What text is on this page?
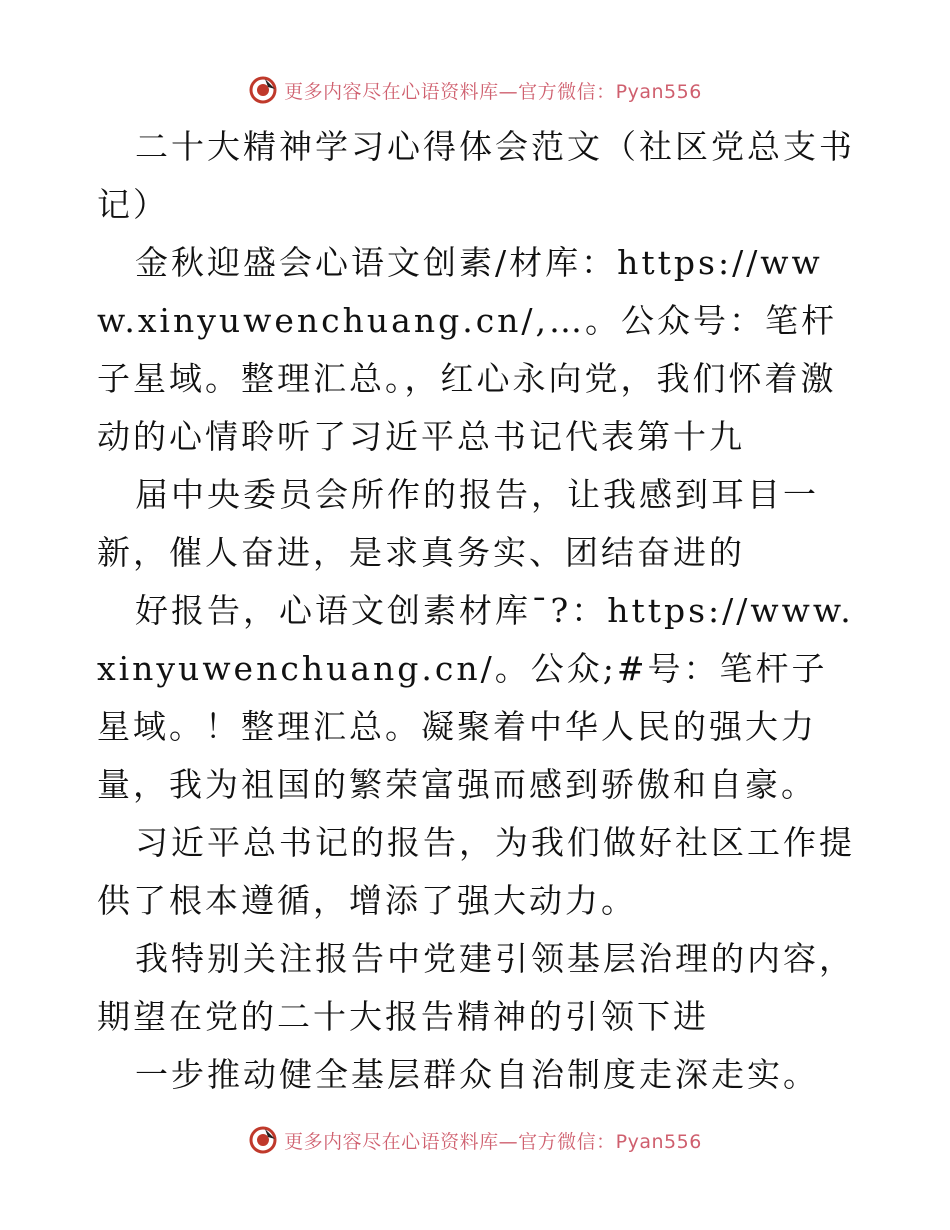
更多内容尽在心语资料库—官方微信：Pyan556

二十大精神学习心得体会范文（社区党总支书记）

金秋迎盛会心语文创素/材库：https://www.xinyuwenchuang.cn/,…。公众号：笔杆子星域。整理汇总。，红心永向党，我们怀着激动的心情聆听了习近平总书记代表第十九

届中央委员会所作的报告，让我感到耳目一新，催人奋进，是求真务实、团结奋进的

好报告，心语文创素材库¯?：https://www.xinyuwenchuang.cn/。公众;#号：笔杆子星域。！整理汇总。凝聚着中华人民的强大力量，我为祖国的繁荣富强而感到骄傲和自豪。

习近平总书记的报告，为我们做好社区工作提供了根本遵循，增添了强大动力。

我特别关注报告中党建引领基层治理的内容，期望在党的二十大报告精神的引领下进

一步推动健全基层群众自治制度走深走实。

更多内容尽在心语资料库—官方微信：Pyan556
